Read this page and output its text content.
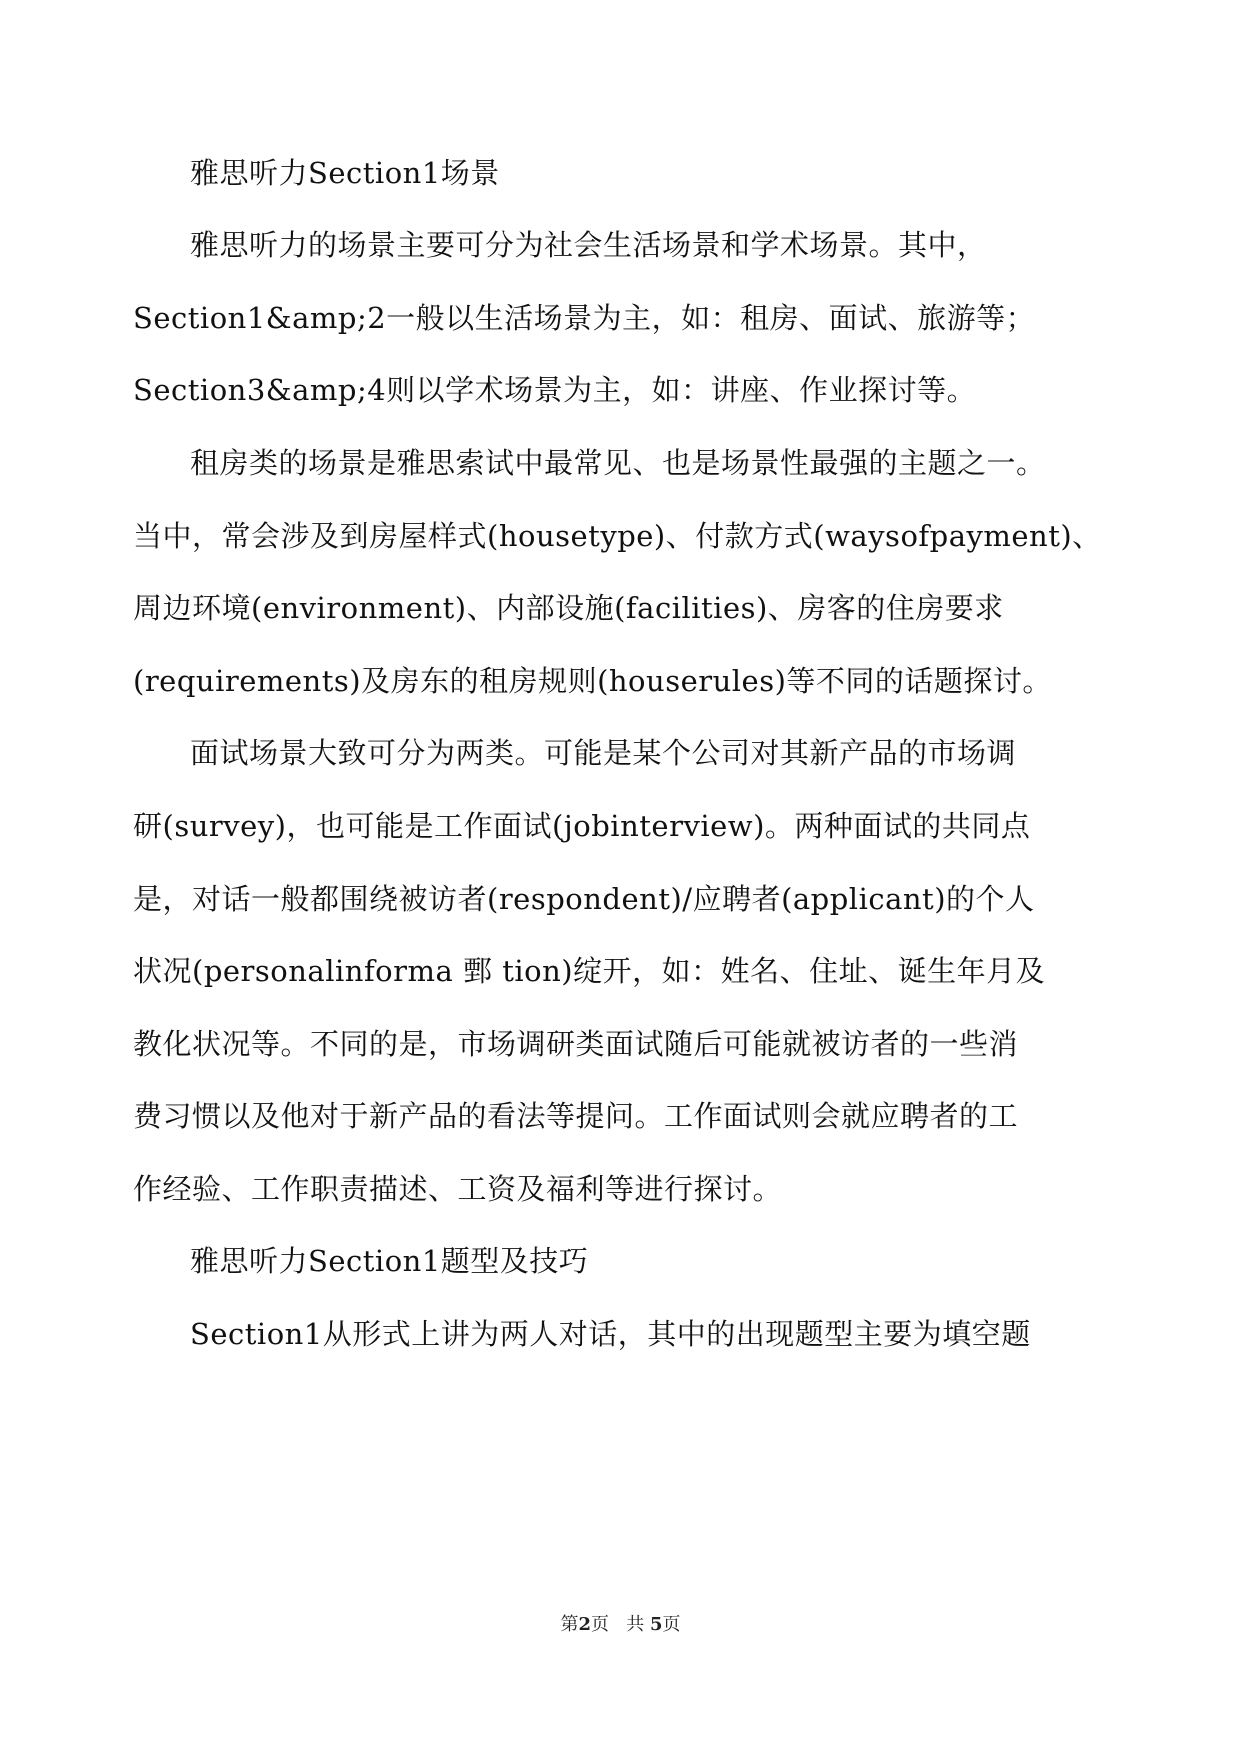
雅思听力Section1场景
雅思听力的场景主要可分为社会生活场景和学术场景。其中，
Section1&amp;2一般以生活场景为主，如：租房、面试、旅游等；
Section3&amp;4则以学术场景为主，如：讲座、作业探讨等。
租房类的场景是雅思索试中最常见、也是场景性最强的主题之一。
当中，常会涉及到房屋样式(housetype)、付款方式(waysofpayment)、
周边环境(environment)、内部设施(facilities)、房客的住房要求
(requirements)及房东的租房规则(houserules)等不同的话题探讨。
面试场景大致可分为两类。可能是某个公司对其新产品的市场调
研(survey)，也可能是工作面试(jobinterview)。两种面试的共同点
是，对话一般都围绕被访者(respondent)/应聘者(applicant)的个人
状况(personalinforma 鄄 tion)绽开，如：姓名、住址、诞生年月及
教化状况等。不同的是，市场调研类面试随后可能就被访者的一些消
费习惯以及他对于新产品的看法等提问。工作面试则会就应聘者的工
作经验、工作职责描述、工资及福利等进行探讨。
雅思听力Section1题型及技巧
Section1从形式上讲为两人对话，其中的出现题型主要为填空题
第2页 共 5页
